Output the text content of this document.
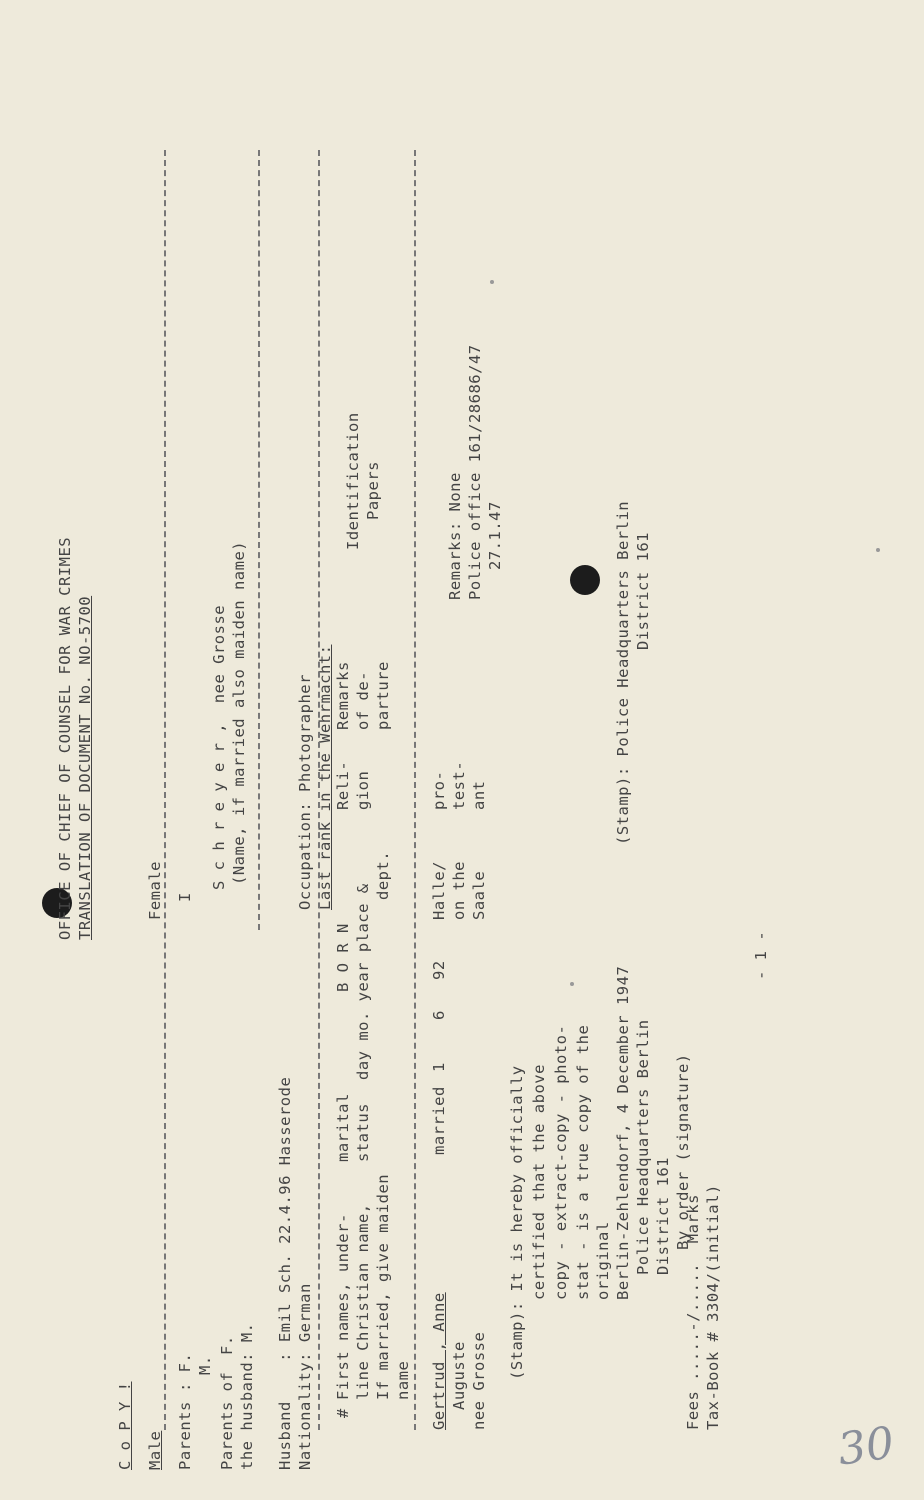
OFFICE OF CHIEF OF COUNSEL FOR WAR CRIMES TRANSLATION OF DOCUMENT No. NO-5700
C o P Y ! Male
Female
Parents
: F.
I
M.
S c h r e y e r ,  nee Grosse (Name, if married also maiden name)
Parents of
F. the husband: M. Husband    : Emil Sch. 22.4.96 Hasserode Nationality: German
Occupation: Photographer Last rank in the Wehrmacht:
#
First names, under- line Christian name, If married, give maiden name
marital status
B O R N day mo. year place &
dept.
Reli- gion
Remarks of de- parture
Identification Papers
Gertrud , Anne Auguste nee Grosse
married
1
6
92
Halle/ on the Saale
pro- test- ant
Remarks: None Police office 161/28686/47 27.1.47
(Stamp): It is hereby officially certified that the above copy - extract-copy - photo- stat - is a true copy of the original Berlin-Zehlendorf, 4 December 1947 Police Headquarters Berlin District 161 By order (signature)
(Stamp): Police Headquarters Berlin District 161
Fees .....-/.....  Marks Tax-Book # 3304/(initial)
- 1 -
30
